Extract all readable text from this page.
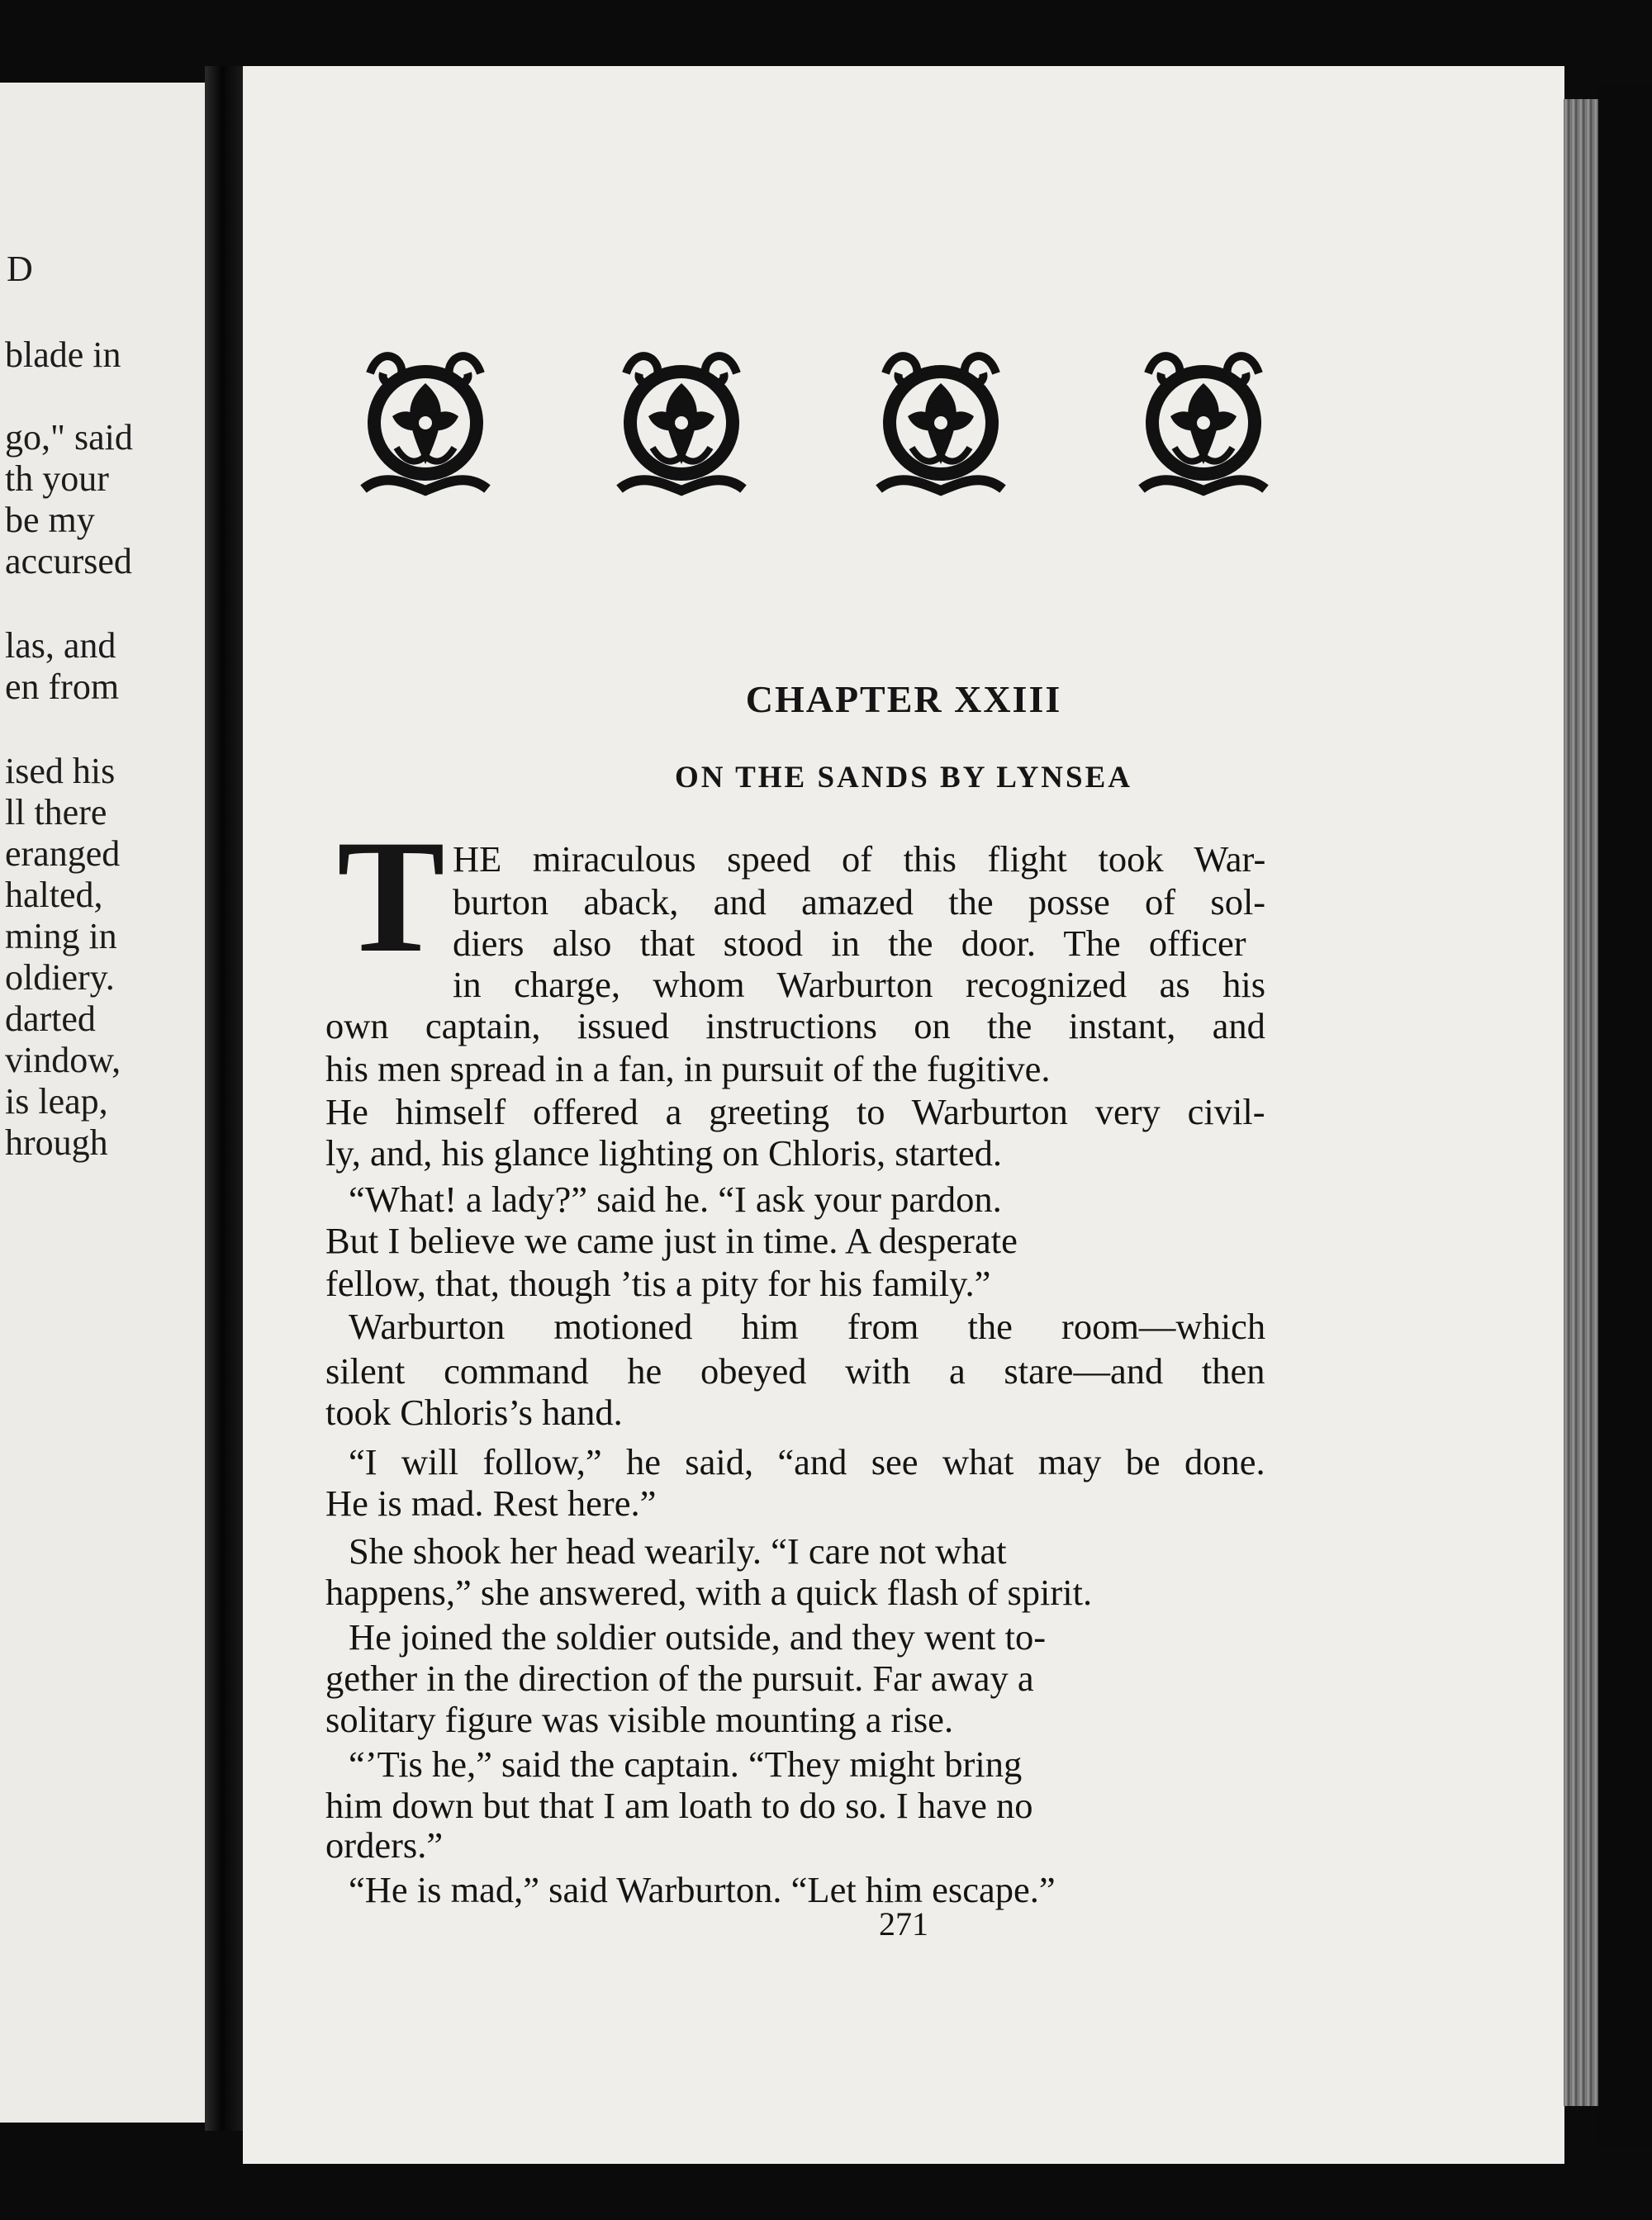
D
blade in
go," said
th your
be my
accursed
las, and
en from
ised his
ll there
eranged
halted,
ming in
oldiery.
darted
vindow,
is leap,
hrough
CHAPTER XXIII
ON THE SANDS BY LYNSEA
T HE miraculous speed of this flight took War-
burton aback, and amazed the posse of sol-
diers also that stood in the door. The officer
in charge, whom Warburton recognized as his
own captain, issued instructions on the instant, and
his men spread in a fan, in pursuit of the fugitive.
He himself offered a greeting to Warburton very civil-
ly, and, his glance lighting on Chloris, started.
“What! a lady?” said he. “I ask your pardon.
But I believe we came just in time. A desperate
fellow, that, though ’tis a pity for his family.”
Warburton motioned him from the room—which
silent command he obeyed with a stare—and then
took Chloris’s hand.
“I will follow,” he said, “and see what may be done.
He is mad. Rest here.”
She shook her head wearily. “I care not what
happens,” she answered, with a quick flash of spirit.
He joined the soldier outside, and they went to-
gether in the direction of the pursuit. Far away a
solitary figure was visible mounting a rise.
“’Tis he,” said the captain. “They might bring
him down but that I am loath to do so. I have no
orders.”
“He is mad,” said Warburton. “Let him escape.”
271
